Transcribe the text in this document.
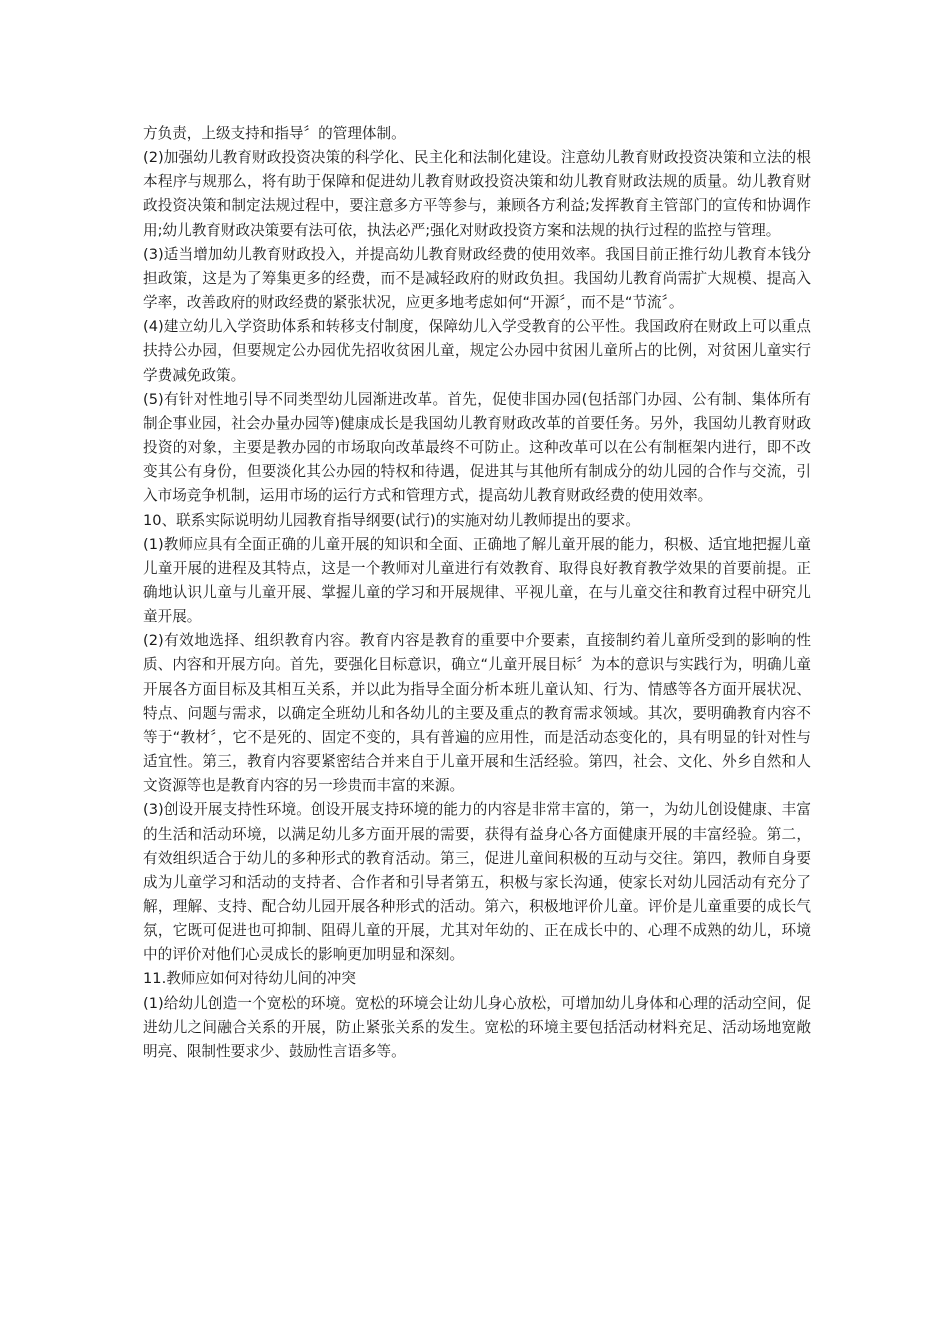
方负责，上级支持和指导〞的管理体制。

(2)加强幼儿教育财政投资决策的科学化、民主化和法制化建设。注意幼儿教育财政投资决策和立法的根本程序与规那么，将有助于保障和促进幼儿教育财政投资决策和幼儿教育财政法规的质量。幼儿教育财政投资决策和制定法规过程中，要注意多方平等参与，兼顾各方利益;发挥教育主管部门的宣传和协调作用;幼儿教育财政决策要有法可依，执法必严;强化对财政投资方案和法规的执行过程的监控与管理。

(3)适当增加幼儿教育财政投入，并提高幼儿教育财政经费的使用效率。我国目前正推行幼儿教育本钱分担政策，这是为了筹集更多的经费，而不是减轻政府的财政负担。我国幼儿教育尚需扩大规模、提高入学率，改善政府的财政经费的紧张状况，应更多地考虑如何“开源〞，而不是“节流〞。

(4)建立幼儿入学资助体系和转移支付制度，保障幼儿入学受教育的公平性。我国政府在财政上可以重点扶持公办园，但要规定公办园优先招收贫困儿童，规定公办园中贫困儿童所占的比例，对贫困儿童实行学费减免政策。

(5)有针对性地引导不同类型幼儿园渐进改革。首先，促使非国办园(包括部门办园、公有制、集体所有制企事业园，社会办量办园等)健康成长是我国幼儿教育财政改革的首要任务。另外，我国幼儿教育财政投资的对象，主要是教办园的市场取向改革最终不可防止。这种改革可以在公有制框架内进行，即不改变其公有身份，但要淡化其公办园的特权和待遇，促进其与其他所有制成分的幼儿园的合作与交流，引入市场竞争机制，运用市场的运行方式和管理方式，提高幼儿教育财政经费的使用效率。

10、联系实际说明幼儿园教育指导纲要(试行)的实施对幼儿教师提出的要求。

(1)教师应具有全面正确的儿童开展的知识和全面、正确地了解儿童开展的能力，积极、适宜地把握儿童儿童开展的进程及其特点，这是一个教师对儿童进行有效教育、取得良好教育教学效果的首要前提。正确地认识儿童与儿童开展、掌握儿童的学习和开展规律、平视儿童，在与儿童交往和教育过程中研究儿童开展。

(2)有效地选择、组织教育内容。教育内容是教育的重要中介要素，直接制约着儿童所受到的影响的性质、内容和开展方向。首先，要强化目标意识，确立“儿童开展目标〞为本的意识与实践行为，明确儿童开展各方面目标及其相互关系，并以此为指导全面分析本班儿童认知、行为、情感等各方面开展状况、特点、问题与需求，以确定全班幼儿和各幼儿的主要及重点的教育需求领域。其次，要明确教育内容不等于“教材〞，它不是死的、固定不变的，具有普遍的应用性，而是活动态变化的，具有明显的针对性与适宜性。第三，教育内容要紧密结合并来自于儿童开展和生活经验。第四，社会、文化、外乡自然和人文资源等也是教育内容的另一珍贵而丰富的来源。

(3)创设开展支持性环境。创设开展支持环境的能力的内容是非常丰富的，第一，为幼儿创设健康、丰富的生活和活动环境，以满足幼儿多方面开展的需要，获得有益身心各方面健康开展的丰富经验。第二，有效组织适合于幼儿的多种形式的教育活动。第三，促进儿童间积极的互动与交往。第四，教师自身要成为儿童学习和活动的支持者、合作者和引导者第五，积极与家长沟通，使家长对幼儿园活动有充分了解，理解、支持、配合幼儿园开展各种形式的活动。第六，积极地评价儿童。评价是儿童重要的成长气氛，它既可促进也可抑制、阻碍儿童的开展，尤其对年幼的、正在成长中的、心理不成熟的幼儿，环境中的评价对他们心灵成长的影响更加明显和深刻。

11.教师应如何对待幼儿间的冲突

(1)给幼儿创造一个宽松的环境。宽松的环境会让幼儿身心放松，可增加幼儿身体和心理的活动空间，促进幼儿之间融合关系的开展，防止紧张关系的发生。宽松的环境主要包括活动材料充足、活动场地宽敞明亮、限制性要求少、鼓励性言语多等。
